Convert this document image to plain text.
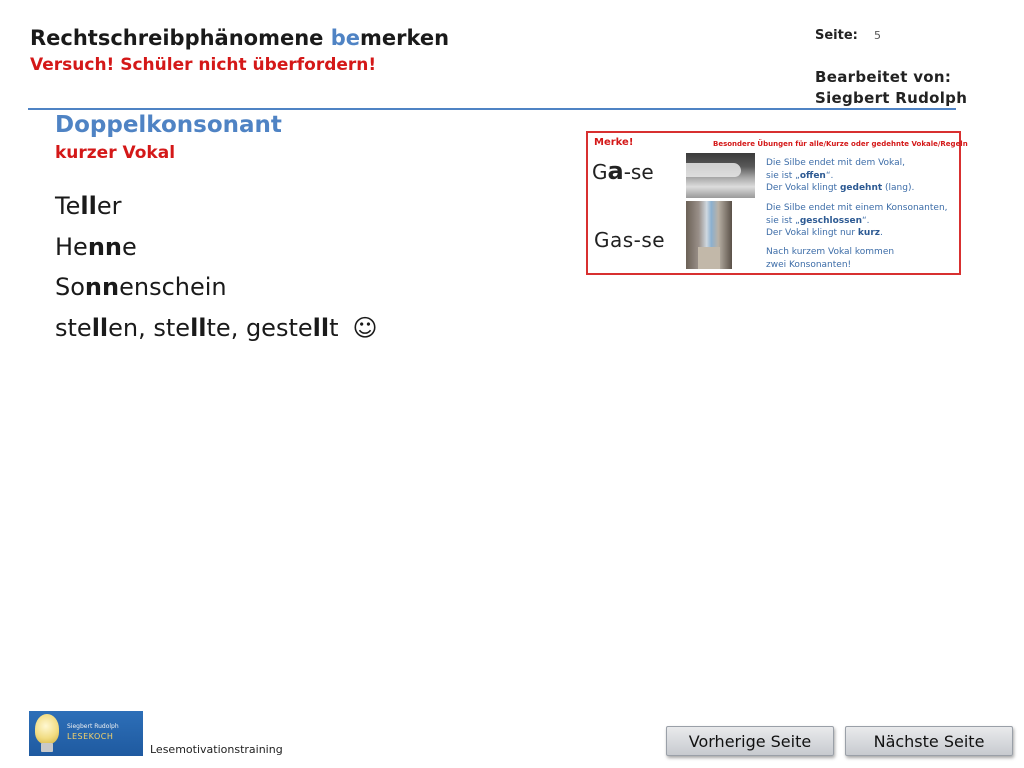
Rechtschreibphänomene bemerken
Versuch! Schüler nicht überfordern!
Seite: 5
Bearbeitet von:
Siegbert Rudolph
Doppelkonsonant
kurzer Vokal
Teller
Henne
Sonnenschein
stellen, stellte, gestellt ☺
Merke!	Besondere Übungen für alle/Kurze oder gedehnte Vokale/Regeln
Ga-se
Gas-se
Die Silbe endet mit dem Vokal,
sie ist „offen“.
Der Vokal klingt gedehnt (lang).
Die Silbe endet mit einem Konsonanten,
sie ist „geschlossen“.
Der Vokal klingt nur kurz.
Nach kurzem Vokal kommen
zwei Konsonanten!
Siegbert Rudolph
LESEKOCH
Lesemotivationstraining	Vorherige Seite	Nächste Seite
